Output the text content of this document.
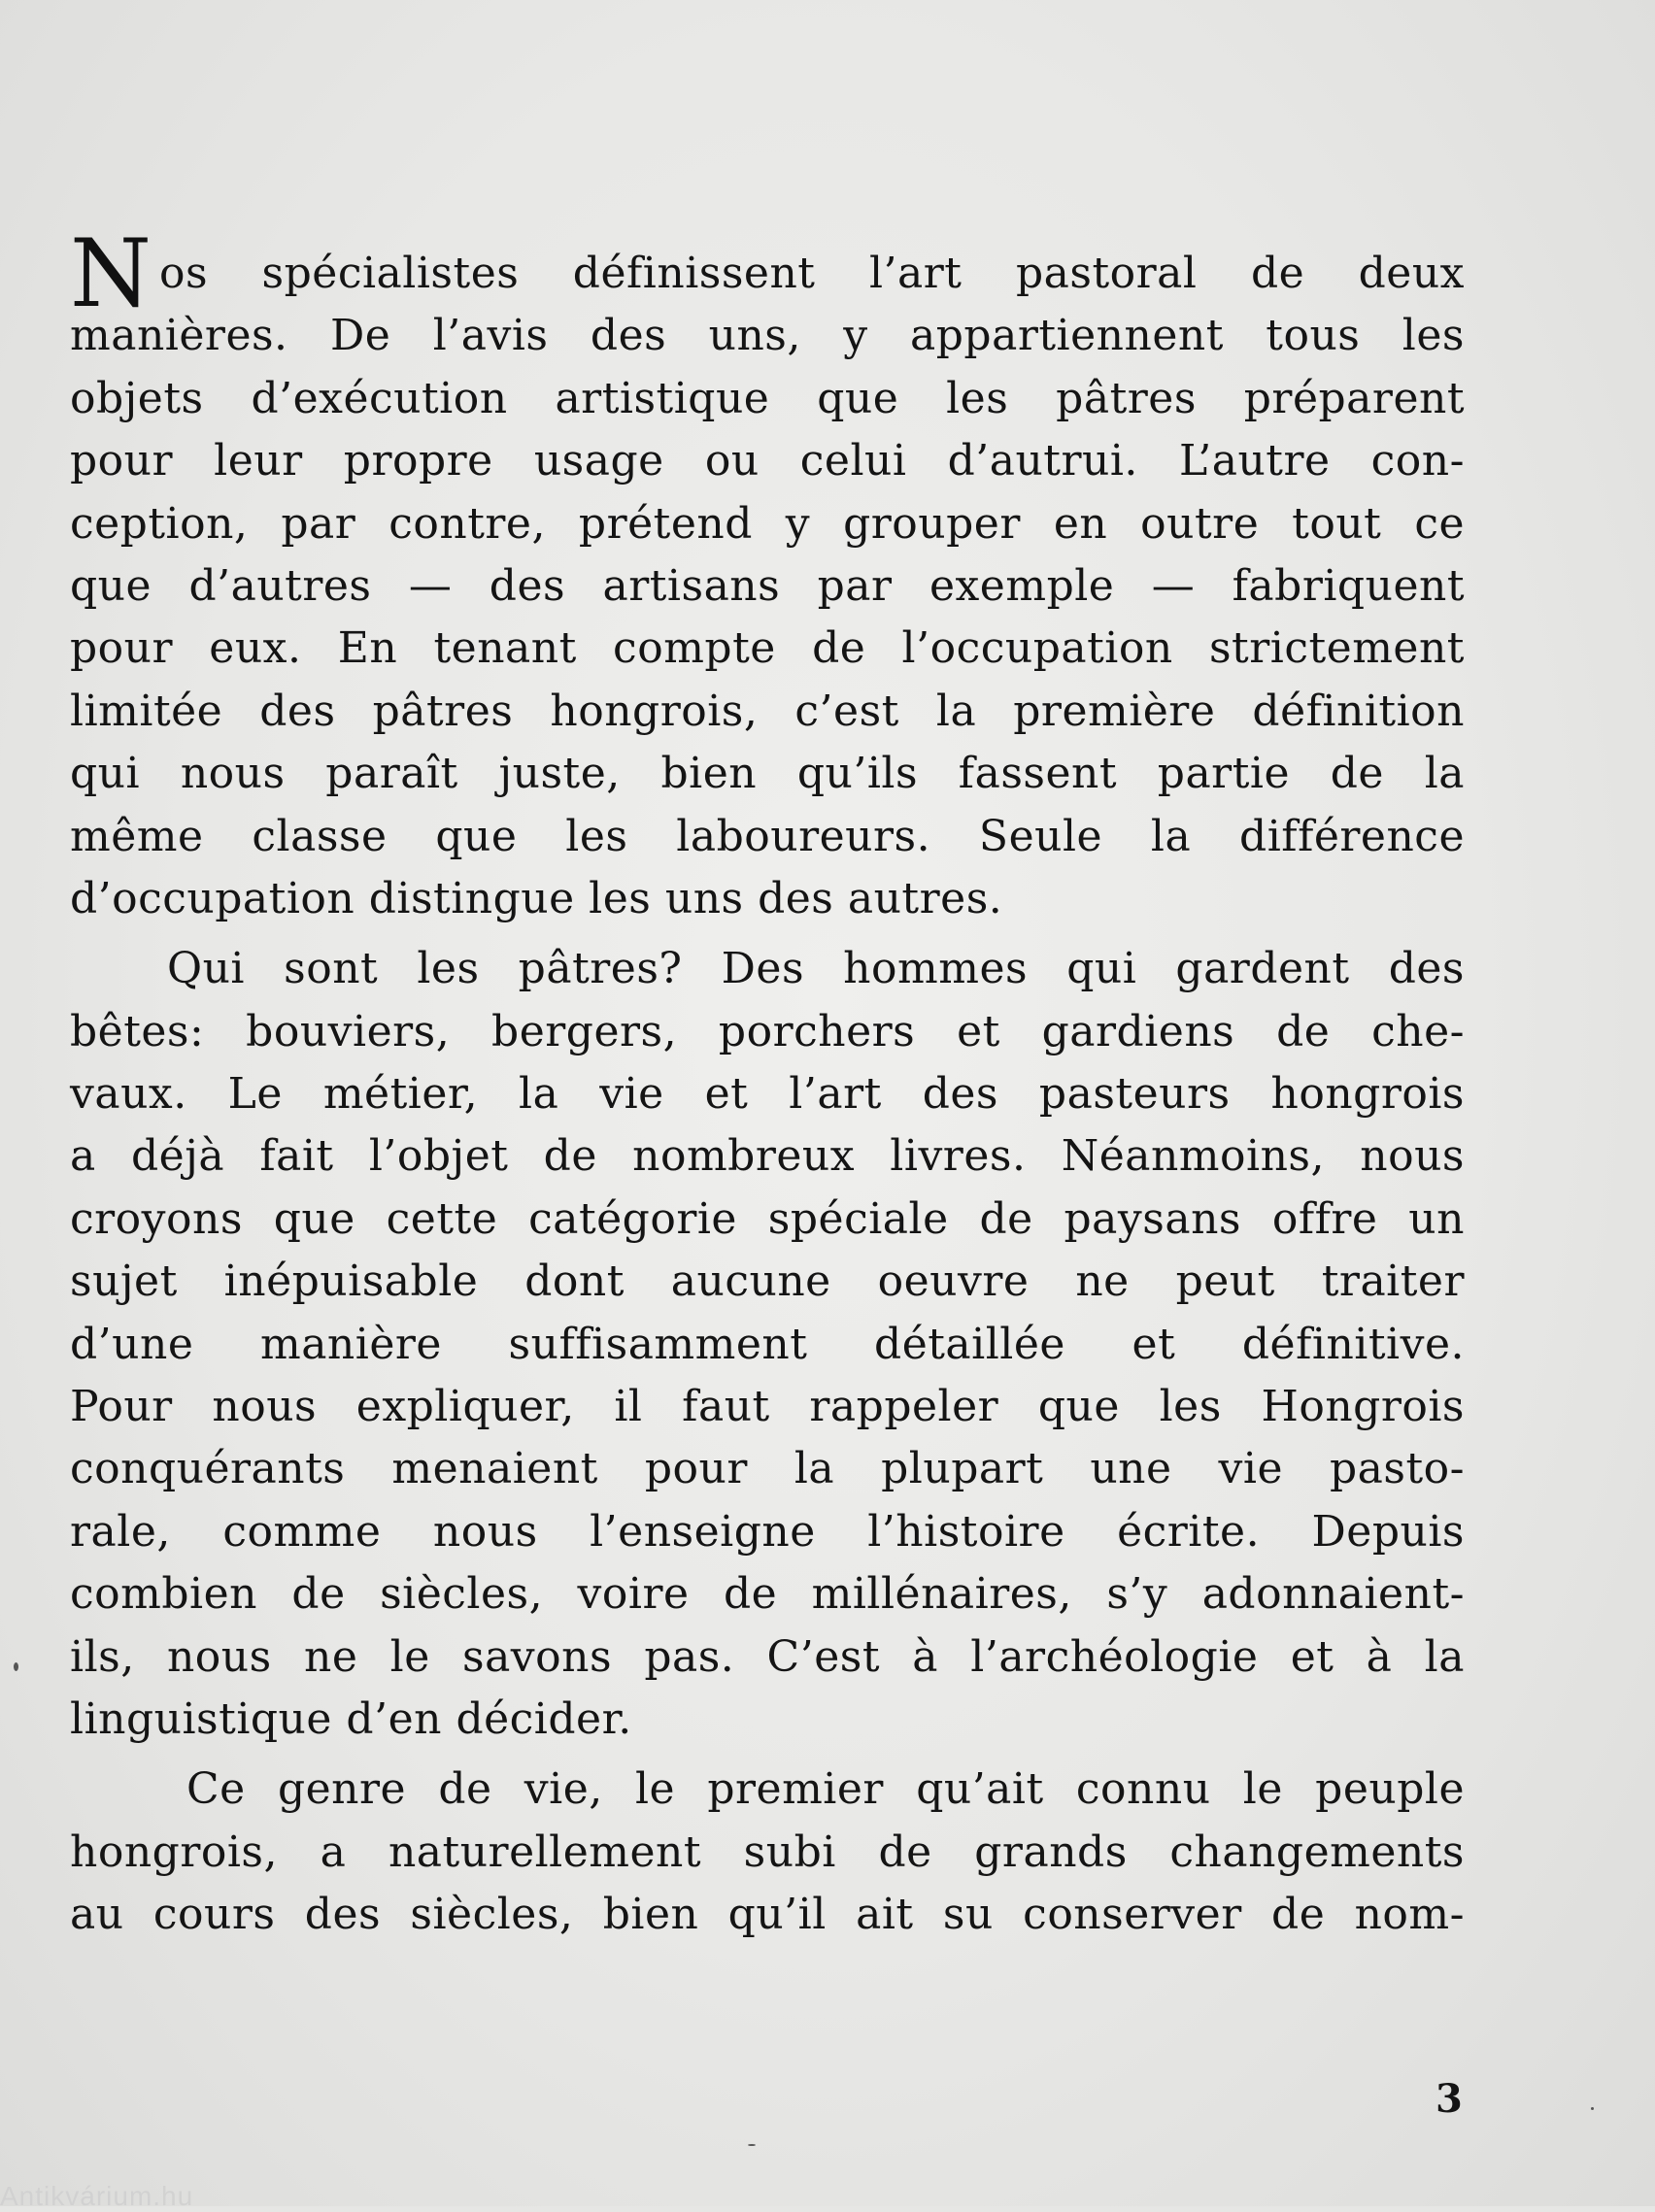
N os spécialistes définissent l’art pastoral de deux
manières. De l’avis des uns, y appartiennent tous les
objets d’exécution artistique que les pâtres préparent
pour leur propre usage ou celui d’autrui. L’autre con-
ception, par contre, prétend y grouper en outre tout ce
que d’autres — des artisans par exemple — fabriquent
pour eux. En tenant compte de l’occupation strictement
limitée des pâtres hongrois, c’est la première définition
qui nous paraît juste, bien qu’ils fassent partie de la
même classe que les laboureurs. Seule la différence
d’occupation distingue les uns des autres.
Qui sont les pâtres? Des hommes qui gardent des
bêtes: bouviers, bergers, porchers et gardiens de che-
vaux. Le métier, la vie et l’art des pasteurs hongrois
a déjà fait l’objet de nombreux livres. Néanmoins, nous
croyons que cette catégorie spéciale de paysans offre un
sujet inépuisable dont aucune oeuvre ne peut traiter
d’une manière suffisamment détaillée et définitive.
Pour nous expliquer, il faut rappeler que les Hongrois
conquérants menaient pour la plupart une vie pasto-
rale, comme nous l’enseigne l’histoire écrite. Depuis
combien de siècles, voire de millénaires, s’y adonnaient-
ils, nous ne le savons pas. C’est à l’archéologie et à la
linguistique d’en décider.
Ce genre de vie, le premier qu’ait connu le peuple
hongrois, a naturellement subi de grands changements
au cours des siècles, bien qu’il ait su conserver de nom-
3
Antikvárium.hu
